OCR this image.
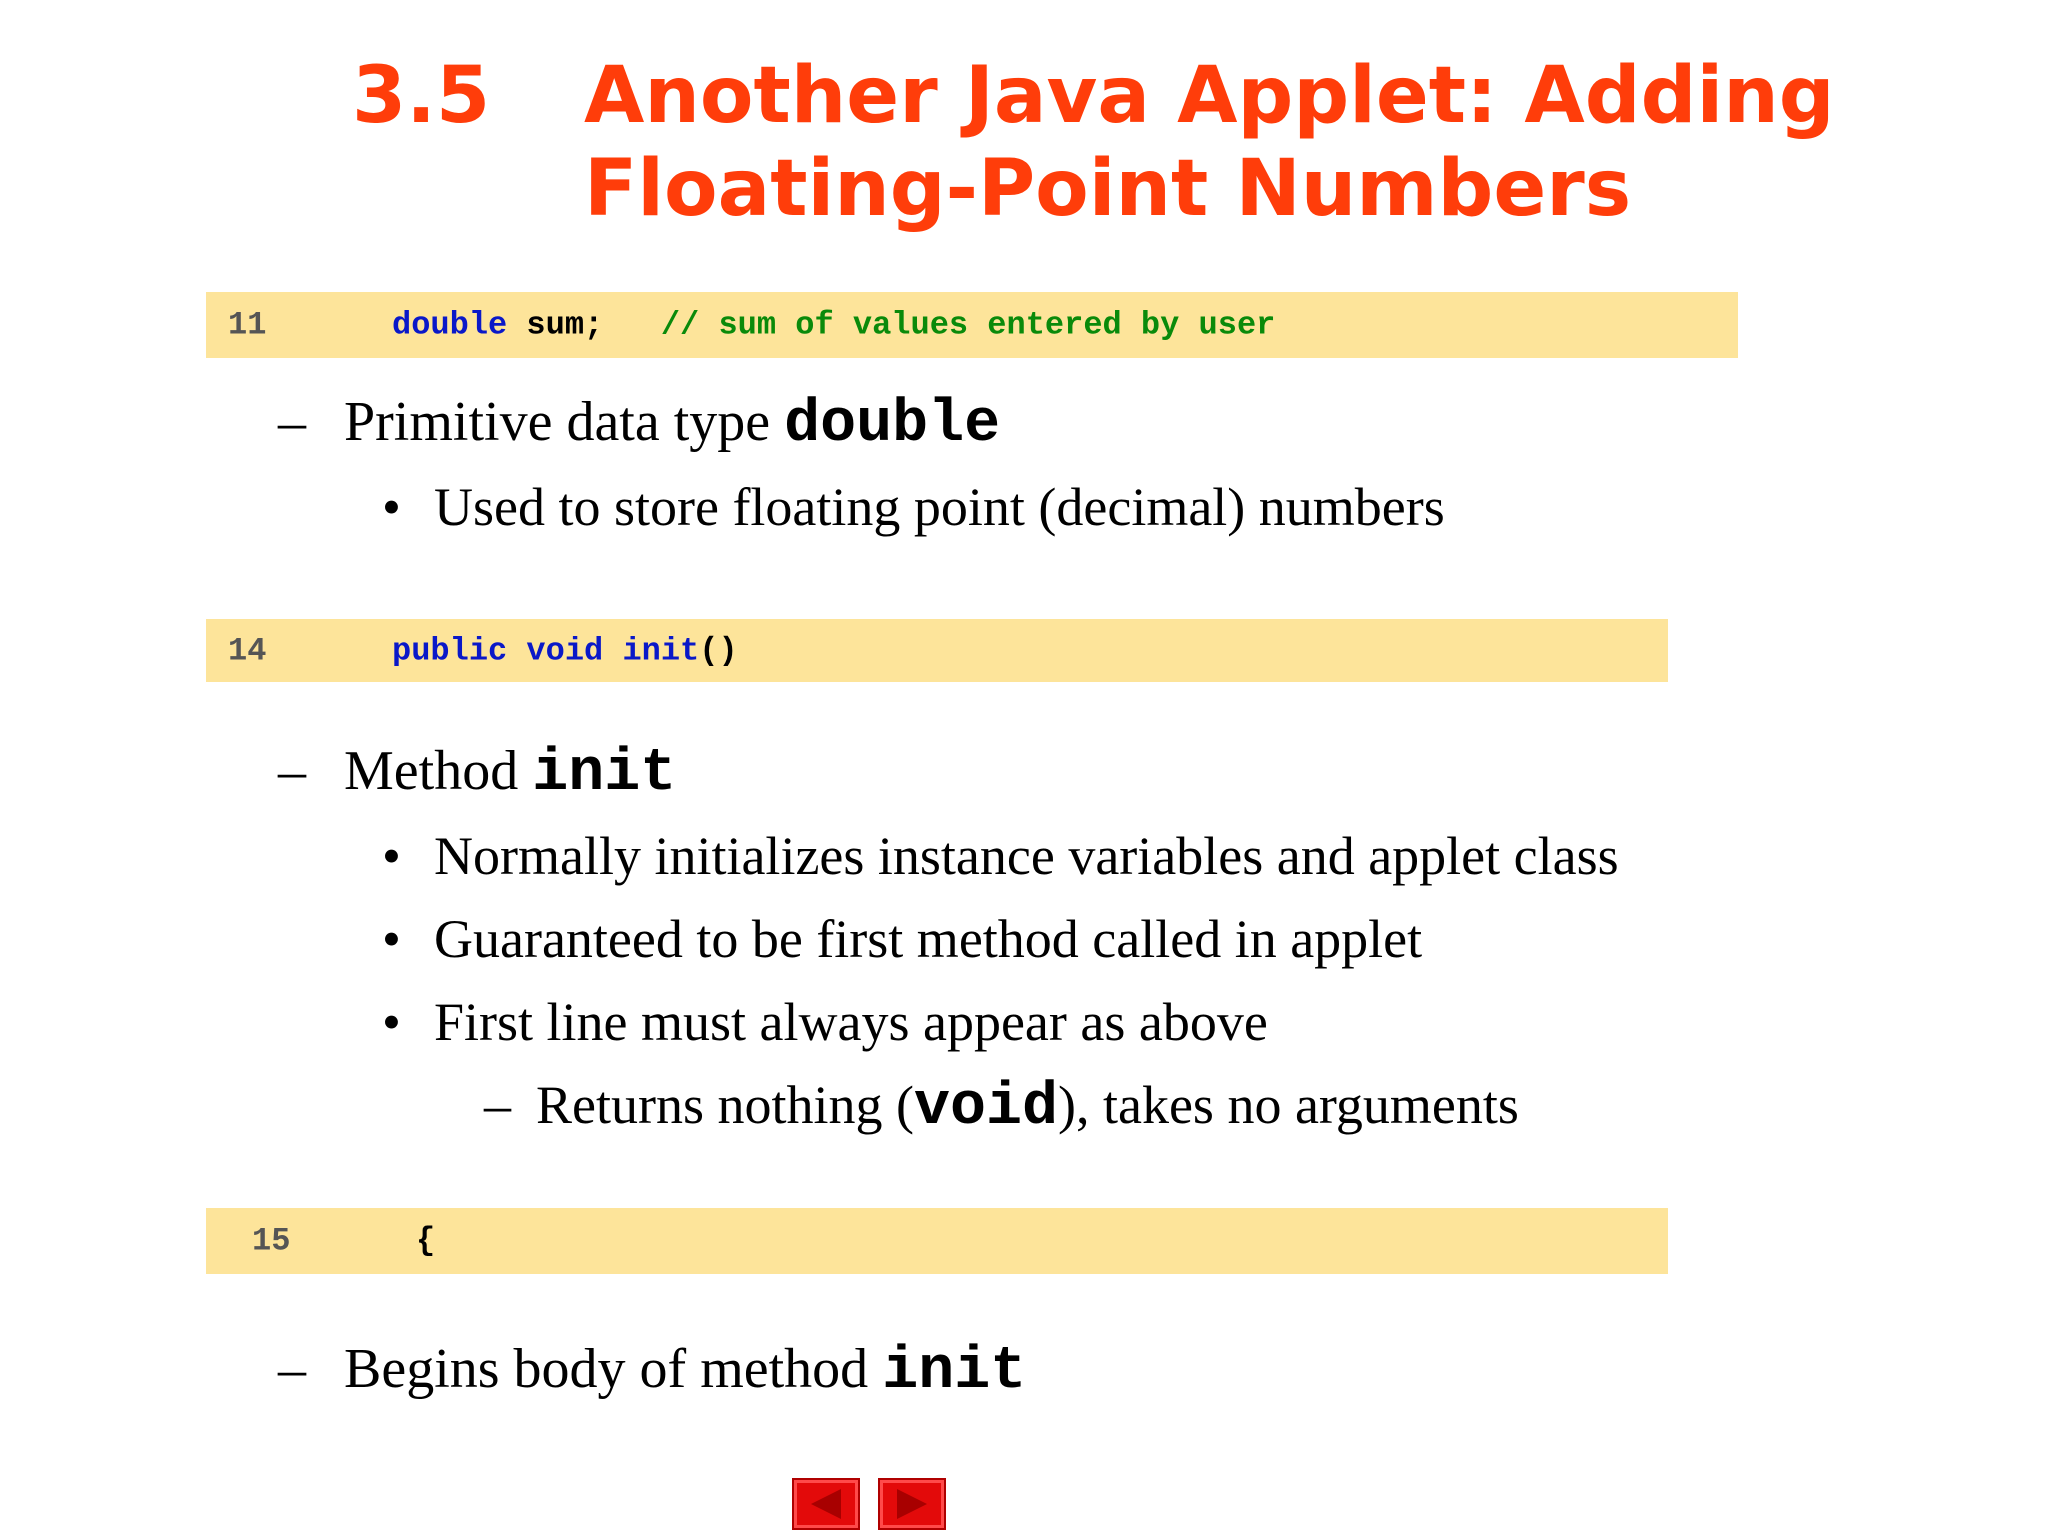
3.5 Another Java Applet: Adding
Floating-Point Numbers
11	double sum;   // sum of values entered by user
– Primitive data type double
• Used to store floating point (decimal) numbers
14	public void init()
– Method init
• Normally initializes instance variables and applet class
• Guaranteed to be first method called in applet
• First line must always appear as above
– Returns nothing (void), takes no arguments
15	{
– Begins body of method init
